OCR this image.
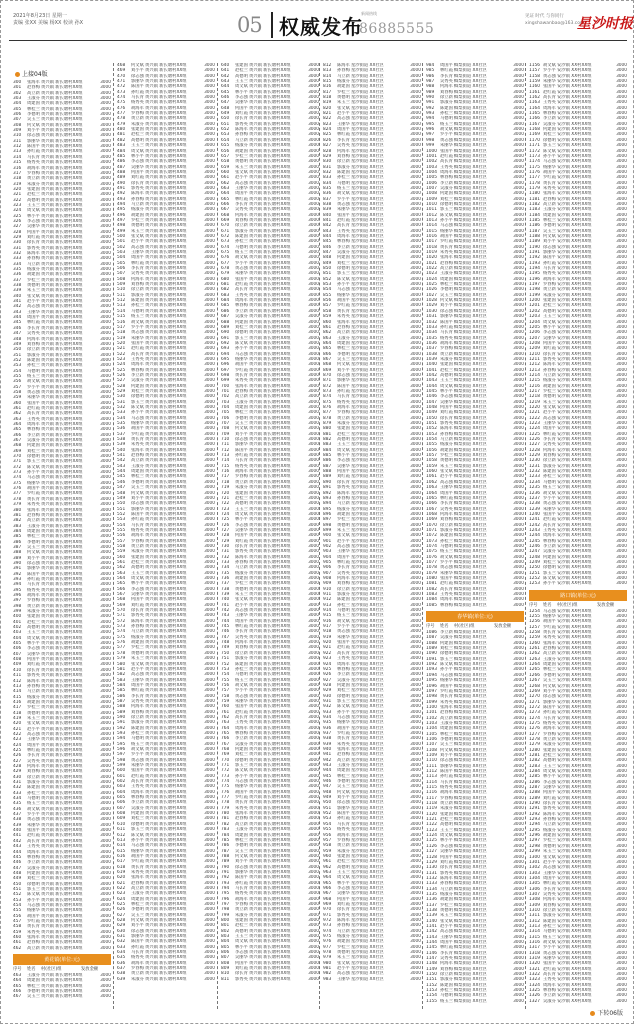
2021年8月23日 星期一
责编 张XX 美编 杨XX 校读 孙X	05 权威发布
新闻热线
86885555
见证 时代 与你同行
xingshawanbao@163.com
星沙时报
上接04版
300 张海军黄兴镇 新长塘村XX组	3000
301 赵春梅黄兴镇 新长塘村XX组	3000
302 高立新黄兴镇 新长塘村XX组	3000
303 王淑芬黄兴镇 新长塘村XX组	3000
304 周建国黄兴镇 新长塘村XX组	3000
305 林桂兰黄兴镇 新长塘村XX组	3000
306 李德明黄兴镇 新长塘村XX组	3000
307 吴玉兰黄兴镇 新长塘村XX组	3000
308 何文斌黄兴镇 新长塘村XX组	3000
309 刘小平黄兴镇 新长塘村XX组	3000
310 徐志强黄兴镇 新长塘村XX组	3000
311 郭丽华黄兴镇 新长塘村XX组	3000
312 陈国平黄兴镇 新长塘村XX组	3000
313 孙红霞黄兴镇 新长塘村XX组	3000
314 马长青黄兴镇 新长塘村XX组	3000
315 杨秀英黄兴镇 新长塘村XX组	3000
316 胡海军黄兴镇 新长塘村XX组	3000
317 罗春梅黄兴镇 新长塘村XX组	3000
318 黄立新黄兴镇 新长塘村XX组	3000
319 朱淑芬黄兴镇 新长塘村XX组	3000
320 张建国黄兴镇 新长塘村XX组	3000
321 赵桂兰黄兴镇 新长塘村XX组	3000
322 高德明黄兴镇 新长塘村XX组	3000
323 王玉兰黄兴镇 新长塘村XX组	3000
324 周文斌黄兴镇 新长塘村XX组	3000
325 林小平黄兴镇 新长塘村XX组	3000
326 李志强黄兴镇 新长塘村XX组	3000
327 吴丽华黄兴镇 新长塘村XX组	3000
328 何国平黄兴镇 新长塘村XX组	3000
329 刘红霞黄兴镇 新长塘村XX组	3000
330 徐长青黄兴镇 新长塘村XX组	3000
331 郭秀英黄兴镇 新长塘村XX组	3000
332 陈海军黄兴镇 新长塘村XX组	3000
333 孙春梅黄兴镇 新长塘村XX组	3000
334 马立新黄兴镇 新长塘村XX组	3000
335 杨淑芬黄兴镇 新长塘村XX组	3000
336 胡建国黄兴镇 新长塘村XX组	3000
337 罗桂兰黄兴镇 新长塘村XX组	3000
338 黄德明黄兴镇 新长塘村XX组	3000
339 朱玉兰黄兴镇 新长塘村XX组	3000
340 张文斌黄兴镇 新长塘村XX组	3000
341 赵小平黄兴镇 新长塘村XX组	3000
342 高志强黄兴镇 新长塘村XX组	3000
343 王丽华黄兴镇 新长塘村XX组	3000
344 周国平黄兴镇 新长塘村XX组	3000
345 林红霞黄兴镇 新长塘村XX组	3000
346 李长青黄兴镇 新长塘村XX组	3000
347 吴秀英黄兴镇 新长塘村XX组	3000
348 何海军黄兴镇 新长塘村XX组	3000
349 刘春梅黄兴镇 新长塘村XX组	3000
350 徐立新黄兴镇 新长塘村XX组	3000
351 郭淑芬黄兴镇 新长塘村XX组	3000
352 陈建国黄兴镇 新长塘村XX组	3000
353 孙桂兰黄兴镇 新长塘村XX组	3000
354 马德明黄兴镇 新长塘村XX组	3000
355 杨玉兰黄兴镇 新长塘村XX组	3000
356 胡文斌黄兴镇 新长塘村XX组	3000
357 罗小平黄兴镇 新长塘村XX组	3000
358 黄志强黄兴镇 新长塘村XX组	3000
359 朱丽华黄兴镇 新长塘村XX组	3000
360 张国平黄兴镇 新长塘村XX组	3000
361 赵红霞黄兴镇 新长塘村XX组	3000
362 高长青黄兴镇 新长塘村XX组	3000
363 王秀英黄兴镇 新长塘村XX组	3000
364 周海军黄兴镇 新长塘村XX组	3000
365 林春梅黄兴镇 新长塘村XX组	3000
366 李立新黄兴镇 新长塘村XX组	3000
367 吴淑芬黄兴镇 新长塘村XX组	3000
368 何建国黄兴镇 新长塘村XX组	3000
369 刘桂兰黄兴镇 新长塘村XX组	3000
370 徐德明黄兴镇 新长塘村XX组	3000
371 郭玉兰黄兴镇 新长塘村XX组	3000
372 陈文斌黄兴镇 新长塘村XX组	3000
373 孙小平黄兴镇 新长塘村XX组	3000
374 马志强黄兴镇 新长塘村XX组	3000
375 杨丽华黄兴镇 新长塘村XX组	3000
376 胡国平黄兴镇 新长塘村XX组	3000
377 罗红霞黄兴镇 新长塘村XX组	3000
378 黄长青黄兴镇 新长塘村XX组	3000
379 朱秀英黄兴镇 新长塘村XX组	3000
380 张海军黄兴镇 新长塘村XX组	3000
381 赵春梅黄兴镇 新长塘村XX组	3000
382 高立新黄兴镇 新长塘村XX组	3000
383 王淑芬黄兴镇 新长塘村XX组	3000
384 周建国黄兴镇 新长塘村XX组	3000
385 林桂兰黄兴镇 新长塘村XX组	3000
386 李德明黄兴镇 新长塘村XX组	3000
387 吴玉兰黄兴镇 新长塘村XX组	3000
388 何文斌黄兴镇 新长塘村XX组	3000
389 刘小平黄兴镇 新长塘村XX组	3000
390 徐志强黄兴镇 新长塘村XX组	3000
391 郭丽华黄兴镇 新长塘村XX组	3000
392 陈国平黄兴镇 新长塘村XX组	3000
393 孙红霞黄兴镇 新长塘村XX组	3000
394 马长青黄兴镇 新长塘村XX组	3000
395 杨秀英黄兴镇 新长塘村XX组	3000
396 胡海军黄兴镇 新长塘村XX组	3000
397 罗春梅黄兴镇 新长塘村XX组	3000
398 黄立新黄兴镇 新长塘村XX组	3000
399 朱淑芬黄兴镇 新长塘村XX组	3000
400 张建国黄兴镇 新长塘村XX组	3000
401 赵桂兰黄兴镇 新长塘村XX组	3000
402 高德明黄兴镇 新长塘村XX组	3000
403 王玉兰黄兴镇 新长塘村XX组	3000
404 周文斌黄兴镇 新长塘村XX组	3000
405 林小平黄兴镇 新长塘村XX组	3000
406 李志强黄兴镇 新长塘村XX组	3000
407 吴丽华黄兴镇 新长塘村XX组	3000
408 何国平黄兴镇 新长塘村XX组	3000
409 刘红霞黄兴镇 新长塘村XX组	3000
410 徐长青黄兴镇 新长塘村XX组	3000
411 郭秀英黄兴镇 新长塘村XX组	3000
412 陈海军黄兴镇 新长塘村XX组	3000
413 孙春梅黄兴镇 新长塘村XX组	3000
414 马立新黄兴镇 新长塘村XX组	3000
415 杨淑芬黄兴镇 新长塘村XX组	3000
416 胡建国黄兴镇 新长塘村XX组	3000
417 罗桂兰黄兴镇 新长塘村XX组	3000
418 黄德明黄兴镇 新长塘村XX组	3000
419 朱玉兰黄兴镇 新长塘村XX组	3000
420 张文斌黄兴镇 新长塘村XX组	3000
421 赵小平黄兴镇 新长塘村XX组	3000
422 高志强黄兴镇 新长塘村XX组	3000
423 王丽华黄兴镇 新长塘村XX组	3000
424 周国平黄兴镇 新长塘村XX组	3000
425 林红霞黄兴镇 新长塘村XX组	3000
426 李长青黄兴镇 新长塘村XX组	3000
427 吴秀英黄兴镇 新长塘村XX组	3000
428 何海军黄兴镇 新长塘村XX组	3000
429 刘春梅黄兴镇 新长塘村XX组	3000
430 徐立新黄兴镇 新长塘村XX组	3000
431 郭淑芬黄兴镇 新长塘村XX组	3000
432 陈建国黄兴镇 新长塘村XX组	3000
433 孙桂兰黄兴镇 新长塘村XX组	3000
434 马德明黄兴镇 新长塘村XX组	3000
435 杨玉兰黄兴镇 新长塘村XX组	3000
436 胡文斌黄兴镇 新长塘村XX组	3000
437 罗小平黄兴镇 新长塘村XX组	3000
438 黄志强黄兴镇 新长塘村XX组	3000
439 朱丽华黄兴镇 新长塘村XX组	3000
440 张国平黄兴镇 新长塘村XX组	3000
441 赵红霞黄兴镇 新长塘村XX组	3000
442 高长青黄兴镇 新长塘村XX组	3000
443 王秀英黄兴镇 新长塘村XX组	3000
444 周海军黄兴镇 新长塘村XX组	3000
445 林春梅黄兴镇 新长塘村XX组	3000
446 李立新黄兴镇 新长塘村XX组	3000
447 吴淑芬黄兴镇 新长塘村XX组	3000
448 何建国黄兴镇 新长塘村XX组	3000
449 刘桂兰黄兴镇 新长塘村XX组	3000
450 徐德明黄兴镇 新长塘村XX组	3000
451 郭玉兰黄兴镇 新长塘村XX组	3000
452 陈文斌黄兴镇 新长塘村XX组	3000
453 孙小平黄兴镇 新长塘村XX组	3000
454 马志强黄兴镇 新长塘村XX组	3000
455 杨丽华黄兴镇 新长塘村XX组	3000
456 胡国平黄兴镇 新长塘村XX组	3000
457 罗红霞黄兴镇 新长塘村XX组	3000
458 黄长青黄兴镇 新长塘村XX组	3000
459 朱秀英黄兴镇 新长塘村XX组	3000
460 张海军黄兴镇 新长塘村XX组	3000
461 赵春梅黄兴镇 新长塘村XX组	3000
462 高立新黄兴镇 新长塘村XX组	3000
黄花镇(单位:元)
序号 姓名 村(社区)组	发放金额
463 王淑芬黄兴镇 新长塘村XX组	3000
464 周建国黄兴镇 新长塘村XX组	3000
465 林桂兰黄兴镇 新长塘村XX组	3000
466 李德明黄兴镇 新长塘村XX组	3000
467 吴玉兰黄兴镇 新长塘村XX组	3000
468 何文斌黄兴镇 新长塘村XX组	3000
469 刘小平黄兴镇 新长塘村XX组	3000
470 徐志强黄兴镇 新长塘村XX组	3000
471 郭丽华黄兴镇 新长塘村XX组	3000
472 陈国平黄兴镇 新长塘村XX组	3000
473 孙红霞黄兴镇 新长塘村XX组	3000
474 马长青黄兴镇 新长塘村XX组	3000
475 杨秀英黄兴镇 新长塘村XX组	3000
476 胡海军黄兴镇 新长塘村XX组	3000
477 罗春梅黄兴镇 新长塘村XX组	3000
478 黄立新黄兴镇 新长塘村XX组	3000
479 朱淑芬黄兴镇 新长塘村XX组	3000
480 张建国黄兴镇 新长塘村XX组	3000
481 赵桂兰黄兴镇 新长塘村XX组	3000
482 高德明黄兴镇 新长塘村XX组	3000
483 王玉兰黄兴镇 新长塘村XX组	3000
484 周文斌黄兴镇 新长塘村XX组	3000
485 林小平黄兴镇 新长塘村XX组	3000
486 李志强黄兴镇 新长塘村XX组	3000
487 吴丽华黄兴镇 新长塘村XX组	3000
488 何国平黄兴镇 新长塘村XX组	3000
489 刘红霞黄兴镇 新长塘村XX组	3000
490 徐长青黄兴镇 新长塘村XX组	3000
491 郭秀英黄兴镇 新长塘村XX组	3000
492 陈海军黄兴镇 新长塘村XX组	3000
493 孙春梅黄兴镇 新长塘村XX组	3000
494 马立新黄兴镇 新长塘村XX组	3000
495 杨淑芬黄兴镇 新长塘村XX组	3000
496 胡建国黄兴镇 新长塘村XX组	3000
497 罗桂兰黄兴镇 新长塘村XX组	3000
498 黄德明黄兴镇 新长塘村XX组	3000
499 朱玉兰黄兴镇 新长塘村XX组	3000
500 张文斌黄兴镇 新长塘村XX组	3000
501 赵小平黄兴镇 新长塘村XX组	3000
502 高志强黄兴镇 新长塘村XX组	3000
503 王丽华黄兴镇 新长塘村XX组	3000
504 周国平黄兴镇 新长塘村XX组	3000
505 林红霞黄兴镇 新长塘村XX组	3000
506 李长青黄兴镇 新长塘村XX组	3000
507 吴秀英黄兴镇 新长塘村XX组	3000
508 何海军黄兴镇 新长塘村XX组	3000
509 刘春梅黄兴镇 新长塘村XX组	3000
510 徐立新黄兴镇 新长塘村XX组	3000
511 郭淑芬黄兴镇 新长塘村XX组	3000
512 陈建国黄兴镇 新长塘村XX组	3000
513 孙桂兰黄兴镇 新长塘村XX组	3000
514 马德明黄兴镇 新长塘村XX组	3000
515 杨玉兰黄兴镇 新长塘村XX组	3000
516 胡文斌黄兴镇 新长塘村XX组	3000
517 罗小平黄兴镇 新长塘村XX组	3000
518 黄志强黄兴镇 新长塘村XX组	3000
519 朱丽华黄兴镇 新长塘村XX组	3000
520 张国平黄兴镇 新长塘村XX组	3000
521 赵红霞黄兴镇 新长塘村XX组	3000
522 高长青黄兴镇 新长塘村XX组	3000
523 王秀英黄兴镇 新长塘村XX组	3000
524 周海军黄兴镇 新长塘村XX组	3000
525 林春梅黄兴镇 新长塘村XX组	3000
526 李立新黄兴镇 新长塘村XX组	3000
527 吴淑芬黄兴镇 新长塘村XX组	3000
528 何建国黄兴镇 新长塘村XX组	3000
529 刘桂兰黄兴镇 新长塘村XX组	3000
530 徐德明黄兴镇 新长塘村XX组	3000
531 郭玉兰黄兴镇 新长塘村XX组	3000
532 陈文斌黄兴镇 新长塘村XX组	3000
533 孙小平黄兴镇 新长塘村XX组	3000
534 马志强黄兴镇 新长塘村XX组	3000
535 杨丽华黄兴镇 新长塘村XX组	3000
536 胡国平黄兴镇 新长塘村XX组	3000
537 罗红霞黄兴镇 新长塘村XX组	3000
538 黄长青黄兴镇 新长塘村XX组	3000
539 朱秀英黄兴镇 新长塘村XX组	3000
540 张海军黄兴镇 新长塘村XX组	3000
541 赵春梅黄兴镇 新长塘村XX组	3000
542 高立新黄兴镇 新长塘村XX组	3000
543 王淑芬黄兴镇 新长塘村XX组	3000
544 周建国黄兴镇 新长塘村XX组	3000
545 林桂兰黄兴镇 新长塘村XX组	3000
546 李德明黄兴镇 新长塘村XX组	3000
547 吴玉兰黄兴镇 新长塘村XX组	3000
548 何文斌黄兴镇 新长塘村XX组	3000
549 刘小平黄兴镇 新长塘村XX组	3000
550 徐志强黄兴镇 新长塘村XX组	3000
551 郭丽华黄兴镇 新长塘村XX组	3000
552 陈国平黄兴镇 新长塘村XX组	3000
553 孙红霞黄兴镇 新长塘村XX组	3000
554 马长青黄兴镇 新长塘村XX组	3000
555 杨秀英黄兴镇 新长塘村XX组	3000
556 胡海军黄兴镇 新长塘村XX组	3000
557 罗春梅黄兴镇 新长塘村XX组	3000
558 黄立新黄兴镇 新长塘村XX组	3000
559 朱淑芬黄兴镇 新长塘村XX组	3000
560 张建国黄兴镇 新长塘村XX组	3000
561 赵桂兰黄兴镇 新长塘村XX组	3000
562 高德明黄兴镇 新长塘村XX组	3000
563 王玉兰黄兴镇 新长塘村XX组	3000
564 周文斌黄兴镇 新长塘村XX组	3000
565 林小平黄兴镇 新长塘村XX组	3000
566 李志强黄兴镇 新长塘村XX组	3000
567 吴丽华黄兴镇 新长塘村XX组	3000
568 何国平黄兴镇 新长塘村XX组	3000
569 刘红霞黄兴镇 新长塘村XX组	3000
570 徐长青黄兴镇 新长塘村XX组	3000
571 郭秀英黄兴镇 新长塘村XX组	3000
572 陈海军黄兴镇 新长塘村XX组	3000
573 孙春梅黄兴镇 新长塘村XX组	3000
574 马立新黄兴镇 新长塘村XX组	3000
575 杨淑芬黄兴镇 新长塘村XX组	3000
576 胡建国黄兴镇 新长塘村XX组	3000
577 罗桂兰黄兴镇 新长塘村XX组	3000
578 黄德明黄兴镇 新长塘村XX组	3000
579 朱玉兰黄兴镇 新长塘村XX组	3000
580 张文斌黄兴镇 新长塘村XX组	3000
581 赵小平黄兴镇 新长塘村XX组	3000
582 高志强黄兴镇 新长塘村XX组	3000
583 王丽华黄兴镇 新长塘村XX组	3000
584 周国平黄兴镇 新长塘村XX组	3000
585 林红霞黄兴镇 新长塘村XX组	3000
586 李长青黄兴镇 新长塘村XX组	3000
587 吴秀英黄兴镇 新长塘村XX组	3000
588 何海军黄兴镇 新长塘村XX组	3000
589 刘春梅黄兴镇 新长塘村XX组	3000
590 徐立新黄兴镇 新长塘村XX组	3000
591 郭淑芬黄兴镇 新长塘村XX组	3000
592 陈建国黄兴镇 新长塘村XX组	3000
593 孙桂兰黄兴镇 新长塘村XX组	3000
594 马德明黄兴镇 新长塘村XX组	3000
595 杨玉兰黄兴镇 新长塘村XX组	3000
596 胡文斌黄兴镇 新长塘村XX组	3000
597 罗小平黄兴镇 新长塘村XX组	3000
598 黄志强黄兴镇 新长塘村XX组	3000
599 朱丽华黄兴镇 新长塘村XX组	3000
600 张国平黄兴镇 新长塘村XX组	3000
601 赵红霞黄兴镇 新长塘村XX组	3000
602 高长青黄兴镇 新长塘村XX组	3000
603 王秀英黄兴镇 新长塘村XX组	3000
604 周海军黄兴镇 新长塘村XX组	3000
605 林春梅黄兴镇 新长塘村XX组	3000
606 李立新黄兴镇 新长塘村XX组	3000
607 吴淑芬黄兴镇 新长塘村XX组	3000
608 何建国黄兴镇 新长塘村XX组	3000
609 刘桂兰黄兴镇 新长塘村XX组	3000
610 徐德明黄兴镇 新长塘村XX组	3000
611 郭玉兰黄兴镇 新长塘村XX组	3000
612 陈文斌黄兴镇 新长塘村XX组	3000
613 孙小平黄兴镇 新长塘村XX组	3000
614 马志强黄兴镇 新长塘村XX组	3000
615 杨丽华黄兴镇 新长塘村XX组	3000
616 胡国平黄兴镇 新长塘村XX组	3000
617 罗红霞黄兴镇 新长塘村XX组	3000
618 黄长青黄兴镇 新长塘村XX组	3000
619 朱秀英黄兴镇 新长塘村XX组	3000
620 张海军黄兴镇 新长塘村XX组	3000
621 赵春梅黄兴镇 新长塘村XX组	3000
622 高立新黄兴镇 新长塘村XX组	3000
623 王淑芬黄兴镇 新长塘村XX组	3000
624 周建国黄兴镇 新长塘村XX组	3000
625 林桂兰黄兴镇 新长塘村XX组	3000
626 李德明黄兴镇 新长塘村XX组	3000
627 吴玉兰黄兴镇 新长塘村XX组	3000
628 何文斌黄兴镇 新长塘村XX组	3000
629 刘小平黄兴镇 新长塘村XX组	3000
630 徐志强黄兴镇 新长塘村XX组	3000
631 郭丽华黄兴镇 新长塘村XX组	3000
632 陈国平黄兴镇 新长塘村XX组	3000
633 孙红霞黄兴镇 新长塘村XX组	3000
634 马长青黄兴镇 新长塘村XX组	3000
635 杨秀英黄兴镇 新长塘村XX组	3000
636 胡海军黄兴镇 新长塘村XX组	3000
637 罗春梅黄兴镇 新长塘村XX组	3000
638 黄立新黄兴镇 新长塘村XX组	3000
639 朱淑芬黄兴镇 新长塘村XX组	3000
640 张建国黄兴镇 新长塘村XX组	3000
641 赵桂兰黄兴镇 新长塘村XX组	3000
642 高德明黄兴镇 新长塘村XX组	3000
643 王玉兰黄兴镇 新长塘村XX组	3000
644 周文斌黄兴镇 新长塘村XX组	3000
645 林小平黄兴镇 新长塘村XX组	3000
646 李志强黄兴镇 新长塘村XX组	3000
647 吴丽华黄兴镇 新长塘村XX组	3000
648 何国平黄兴镇 新长塘村XX组	3000
649 刘红霞黄兴镇 新长塘村XX组	3000
650 徐长青黄兴镇 新长塘村XX组	3000
651 郭秀英黄兴镇 新长塘村XX组	3000
652 陈海军黄兴镇 新长塘村XX组	3000
653 孙春梅黄兴镇 新长塘村XX组	3000
654 马立新黄兴镇 新长塘村XX组	3000
655 杨淑芬黄兴镇 新长塘村XX组	3000
656 胡建国黄兴镇 新长塘村XX组	3000
657 罗桂兰黄兴镇 新长塘村XX组	3000
658 黄德明黄兴镇 新长塘村XX组	3000
659 朱玉兰黄兴镇 新长塘村XX组	3000
660 张文斌黄兴镇 新长塘村XX组	3000
661 赵小平黄兴镇 新长塘村XX组	3000
662 高志强黄兴镇 新长塘村XX组	3000
663 王丽华黄兴镇 新长塘村XX组	3000
664 周国平黄兴镇 新长塘村XX组	3000
665 林红霞黄兴镇 新长塘村XX组	3000
666 李长青黄兴镇 新长塘村XX组	3000
667 吴秀英黄兴镇 新长塘村XX组	3000
668 何海军黄兴镇 新长塘村XX组	3000
669 刘春梅黄兴镇 新长塘村XX组	3000
670 徐立新黄兴镇 新长塘村XX组	3000
671 郭淑芬黄兴镇 新长塘村XX组	3000
672 陈建国黄兴镇 新长塘村XX组	3000
673 孙桂兰黄兴镇 新长塘村XX组	3000
674 马德明黄兴镇 新长塘村XX组	3000
675 杨玉兰黄兴镇 新长塘村XX组	3000
676 胡文斌黄兴镇 新长塘村XX组	3000
677 罗小平黄兴镇 新长塘村XX组	3000
678 黄志强黄兴镇 新长塘村XX组	3000
679 朱丽华黄兴镇 新长塘村XX组	3000
680 张国平黄兴镇 新长塘村XX组	3000
681 赵红霞黄兴镇 新长塘村XX组	3000
682 高长青黄兴镇 新长塘村XX组	3000
683 王秀英黄兴镇 新长塘村XX组	3000
684 周海军黄兴镇 新长塘村XX组	3000
685 林春梅黄兴镇 新长塘村XX组	3000
686 李立新黄兴镇 新长塘村XX组	3000
687 吴淑芬黄兴镇 新长塘村XX组	3000
688 何建国黄兴镇 新长塘村XX组	3000
689 刘桂兰黄兴镇 新长塘村XX组	3000
690 徐德明黄兴镇 新长塘村XX组	3000
691 郭玉兰黄兴镇 新长塘村XX组	3000
692 陈文斌黄兴镇 新长塘村XX组	3000
693 孙小平黄兴镇 新长塘村XX组	3000
694 马志强黄兴镇 新长塘村XX组	3000
695 杨丽华黄兴镇 新长塘村XX组	3000
696 胡国平黄兴镇 新长塘村XX组	3000
697 罗红霞黄兴镇 新长塘村XX组	3000
698 黄长青黄兴镇 新长塘村XX组	3000
699 朱秀英黄兴镇 新长塘村XX组	3000
700 张海军黄兴镇 新长塘村XX组	3000
701 赵春梅黄兴镇 新长塘村XX组	3000
702 高立新黄兴镇 新长塘村XX组	3000
703 王淑芬黄兴镇 新长塘村XX组	3000
704 周建国黄兴镇 新长塘村XX组	3000
705 林桂兰黄兴镇 新长塘村XX组	3000
706 李德明黄兴镇 新长塘村XX组	3000
707 吴玉兰黄兴镇 新长塘村XX组	3000
708 何文斌黄兴镇 新长塘村XX组	3000
709 刘小平黄兴镇 新长塘村XX组	3000
710 徐志强黄兴镇 新长塘村XX组	3000
711 郭丽华黄兴镇 新长塘村XX组	3000
712 陈国平黄兴镇 新长塘村XX组	3000
713 孙红霞黄兴镇 新长塘村XX组	3000
714 马长青黄兴镇 新长塘村XX组	3000
715 杨秀英黄兴镇 新长塘村XX组	3000
716 胡海军黄兴镇 新长塘村XX组	3000
717 罗春梅黄兴镇 新长塘村XX组	3000
718 黄立新黄兴镇 新长塘村XX组	3000
719 朱淑芬黄兴镇 新长塘村XX组	3000
720 张建国黄兴镇 新长塘村XX组	3000
721 赵桂兰黄兴镇 新长塘村XX组	3000
722 高德明黄兴镇 新长塘村XX组	3000
723 王玉兰黄兴镇 新长塘村XX组	3000
724 周文斌黄兴镇 新长塘村XX组	3000
725 林小平黄兴镇 新长塘村XX组	3000
726 李志强黄兴镇 新长塘村XX组	3000
727 吴丽华黄兴镇 新长塘村XX组	3000
728 何国平黄兴镇 新长塘村XX组	3000
729 刘红霞黄兴镇 新长塘村XX组	3000
730 徐长青黄兴镇 新长塘村XX组	3000
731 郭秀英黄兴镇 新长塘村XX组	3000
732 陈海军黄兴镇 新长塘村XX组	3000
733 孙春梅黄兴镇 新长塘村XX组	3000
734 马立新黄兴镇 新长塘村XX组	3000
735 杨淑芬黄兴镇 新长塘村XX组	3000
736 胡建国黄兴镇 新长塘村XX组	3000
737 罗桂兰黄兴镇 新长塘村XX组	3000
738 黄德明黄兴镇 新长塘村XX组	3000
739 朱玉兰黄兴镇 新长塘村XX组	3000
740 张文斌黄兴镇 新长塘村XX组	3000
741 赵小平黄兴镇 新长塘村XX组	3000
742 高志强黄兴镇 新长塘村XX组	3000
743 王丽华黄兴镇 新长塘村XX组	3000
744 周国平黄兴镇 新长塘村XX组	3000
745 林红霞黄兴镇 新长塘村XX组	3000
746 李长青黄兴镇 新长塘村XX组	3000
747 吴秀英黄兴镇 新长塘村XX组	3000
748 何海军黄兴镇 新长塘村XX组	3000
749 刘春梅黄兴镇 新长塘村XX组	3000
750 徐立新黄兴镇 新长塘村XX组	3000
751 郭淑芬黄兴镇 新长塘村XX组	3000
752 陈建国黄兴镇 新长塘村XX组	3000
753 孙桂兰黄兴镇 新长塘村XX组	3000
754 马德明黄兴镇 新长塘村XX组	3000
755 杨玉兰黄兴镇 新长塘村XX组	3000
756 胡文斌黄兴镇 新长塘村XX组	3000
757 罗小平黄兴镇 新长塘村XX组	3000
758 黄志强黄兴镇 新长塘村XX组	3000
759 朱丽华黄兴镇 新长塘村XX组	3000
760 张国平黄兴镇 新长塘村XX组	3000
761 赵红霞黄兴镇 新长塘村XX组	3000
762 高长青黄兴镇 新长塘村XX组	3000
763 王秀英黄兴镇 新长塘村XX组	3000
764 周海军黄兴镇 新长塘村XX组	3000
765 林春梅黄兴镇 新长塘村XX组	3000
766 李立新黄兴镇 新长塘村XX组	3000
767 吴淑芬黄兴镇 新长塘村XX组	3000
768 何建国黄兴镇 新长塘村XX组	3000
769 刘桂兰黄兴镇 新长塘村XX组	3000
770 徐德明黄兴镇 新长塘村XX组	3000
771 郭玉兰黄兴镇 新长塘村XX组	3000
772 陈文斌黄兴镇 新长塘村XX组	3000
773 孙小平黄兴镇 新长塘村XX组	3000
774 马志强黄兴镇 新长塘村XX组	3000
775 杨丽华黄兴镇 新长塘村XX组	3000
776 胡国平黄兴镇 新长塘村XX组	3000
777 罗红霞黄兴镇 新长塘村XX组	3000
778 黄长青黄兴镇 新长塘村XX组	3000
779 朱秀英黄兴镇 新长塘村XX组	3000
780 张海军黄兴镇 新长塘村XX组	3000
781 赵春梅黄兴镇 新长塘村XX组	3000
782 高立新黄兴镇 新长塘村XX组	3000
783 王淑芬黄兴镇 新长塘村XX组	3000
784 周建国黄兴镇 新长塘村XX组	3000
785 林桂兰黄兴镇 新长塘村XX组	3000
786 李德明黄兴镇 新长塘村XX组	3000
787 吴玉兰黄兴镇 新长塘村XX组	3000
788 何文斌黄兴镇 新长塘村XX组	3000
789 刘小平黄兴镇 新长塘村XX组	3000
790 徐志强黄兴镇 新长塘村XX组	3000
791 郭丽华黄兴镇 新长塘村XX组	3000
792 陈国平黄兴镇 新长塘村XX组	3000
793 孙红霞黄兴镇 新长塘村XX组	3000
794 马长青黄兴镇 新长塘村XX组	3000
795 杨秀英黄兴镇 新长塘村XX组	3000
796 胡海军黄兴镇 新长塘村XX组	3000
797 罗春梅黄兴镇 新长塘村XX组	3000
798 黄立新黄兴镇 新长塘村XX组	3000
799 朱淑芬黄兴镇 新长塘村XX组	3000
800 张建国黄兴镇 新长塘村XX组	3000
801 赵桂兰黄兴镇 新长塘村XX组	3000
802 高德明黄兴镇 新长塘村XX组	3000
803 王玉兰黄兴镇 新长塘村XX组	3000
804 周文斌黄兴镇 新长塘村XX组	3000
805 林小平黄兴镇 新长塘村XX组	3000
806 李志强黄兴镇 新长塘村XX组	3000
807 吴丽华黄兴镇 新长塘村XX组	3000
808 何国平黄兴镇 新长塘村XX组	3000
809 刘红霞黄兴镇 新长塘村XX组	3000
810 徐长青黄兴镇 新长塘村XX组	3000
811 郭秀英黄兴镇 新长塘村XX组	3000
812 陈海军星沙街道 XX社区	3000
813 孙春梅星沙街道 XX社区	3000
814 马立新星沙街道 XX社区	3000
815 杨淑芬星沙街道 XX社区	3000
816 胡建国星沙街道 XX社区	3000
817 罗桂兰星沙街道 XX社区	3000
818 黄德明星沙街道 XX社区	3000
819 朱玉兰星沙街道 XX社区	3000
820 张文斌星沙街道 XX社区	3000
821 赵小平星沙街道 XX社区	3000
822 高志强星沙街道 XX社区	3000
823 王丽华星沙街道 XX社区	3000
824 周国平星沙街道 XX社区	3000
825 林红霞星沙街道 XX社区	3000
826 李长青星沙街道 XX社区	3000
827 吴秀英星沙街道 XX社区	3000
828 何海军星沙街道 XX社区	3000
829 刘春梅星沙街道 XX社区	3000
830 徐立新星沙街道 XX社区	3000
831 郭淑芬星沙街道 XX社区	3000
832 陈建国星沙街道 XX社区	3000
833 孙桂兰星沙街道 XX社区	3000
834 马德明星沙街道 XX社区	3000
835 杨玉兰星沙街道 XX社区	3000
836 胡文斌星沙街道 XX社区	3000
837 罗小平星沙街道 XX社区	3000
838 黄志强星沙街道 XX社区	3000
839 朱丽华星沙街道 XX社区	3000
840 张国平星沙街道 XX社区	3000
841 赵红霞星沙街道 XX社区	3000
842 高长青星沙街道 XX社区	3000
843 王秀英星沙街道 XX社区	3000
844 周海军星沙街道 XX社区	3000
845 林春梅星沙街道 XX社区	3000
846 李立新星沙街道 XX社区	3000
847 吴淑芬星沙街道 XX社区	3000
848 何建国星沙街道 XX社区	3000
849 刘桂兰星沙街道 XX社区	3000
850 徐德明星沙街道 XX社区	3000
851 郭玉兰星沙街道 XX社区	3000
852 陈文斌星沙街道 XX社区	3000
853 孙小平星沙街道 XX社区	3000
854 马志强星沙街道 XX社区	3000
855 杨丽华星沙街道 XX社区	3000
856 胡国平星沙街道 XX社区	3000
857 罗红霞星沙街道 XX社区	3000
858 黄长青星沙街道 XX社区	3000
859 朱秀英星沙街道 XX社区	3000
860 张海军星沙街道 XX社区	3000
861 赵春梅星沙街道 XX社区	3000
862 高立新星沙街道 XX社区	3000
863 王淑芬星沙街道 XX社区	3000
864 周建国星沙街道 XX社区	3000
865 林桂兰星沙街道 XX社区	3000
866 李德明星沙街道 XX社区	3000
867 吴玉兰星沙街道 XX社区	3000
868 何文斌星沙街道 XX社区	3000
869 刘小平星沙街道 XX社区	3000
870 徐志强星沙街道 XX社区	3000
871 郭丽华星沙街道 XX社区	3000
872 陈国平星沙街道 XX社区	3000
873 孙红霞星沙街道 XX社区	3000
874 马长青星沙街道 XX社区	3000
875 杨秀英星沙街道 XX社区	3000
876 胡海军星沙街道 XX社区	3000
877 罗春梅星沙街道 XX社区	3000
878 黄立新星沙街道 XX社区	3000
879 朱淑芬星沙街道 XX社区	3000
880 张建国星沙街道 XX社区	3000
881 赵桂兰星沙街道 XX社区	3000
882 高德明星沙街道 XX社区	3000
883 王玉兰星沙街道 XX社区	3000
884 周文斌星沙街道 XX社区	3000
885 林小平星沙街道 XX社区	3000
886 李志强星沙街道 XX社区	3000
887 吴丽华星沙街道 XX社区	3000
888 何国平星沙街道 XX社区	3000
889 刘红霞星沙街道 XX社区	3000
890 徐长青星沙街道 XX社区	3000
891 郭秀英星沙街道 XX社区	3000
892 陈海军星沙街道 XX社区	3000
893 孙春梅星沙街道 XX社区	3000
894 马立新星沙街道 XX社区	3000
895 杨淑芬星沙街道 XX社区	3000
896 胡建国星沙街道 XX社区	3000
897 罗桂兰星沙街道 XX社区	3000
898 黄德明星沙街道 XX社区	3000
899 朱玉兰星沙街道 XX社区	3000
900 张文斌星沙街道 XX社区	3000
901 赵小平星沙街道 XX社区	3000
902 高志强星沙街道 XX社区	3000
903 王丽华星沙街道 XX社区	3000
904 周国平星沙街道 XX社区	3000
905 林红霞星沙街道 XX社区	3000
906 李长青星沙街道 XX社区	3000
907 吴秀英星沙街道 XX社区	3000
908 何海军星沙街道 XX社区	3000
909 刘春梅星沙街道 XX社区	3000
910 徐立新星沙街道 XX社区	3000
911 郭淑芬星沙街道 XX社区	3000
912 陈建国星沙街道 XX社区	3000
913 孙桂兰星沙街道 XX社区	3000
914 马德明星沙街道 XX社区	3000
915 杨玉兰星沙街道 XX社区	3000
916 胡文斌星沙街道 XX社区	3000
917 罗小平星沙街道 XX社区	3000
918 黄志强星沙街道 XX社区	3000
919 朱丽华星沙街道 XX社区	3000
920 张国平星沙街道 XX社区	3000
921 赵红霞星沙街道 XX社区	3000
922 高长青星沙街道 XX社区	3000
923 王秀英星沙街道 XX社区	3000
924 周海军星沙街道 XX社区	3000
925 林春梅星沙街道 XX社区	3000
926 李立新星沙街道 XX社区	3000
927 吴淑芬星沙街道 XX社区	3000
928 何建国星沙街道 XX社区	3000
929 刘桂兰星沙街道 XX社区	3000
930 徐德明星沙街道 XX社区	3000
931 郭玉兰星沙街道 XX社区	3000
932 陈文斌星沙街道 XX社区	3000
933 孙小平星沙街道 XX社区	3000
934 马志强星沙街道 XX社区	3000
935 杨丽华星沙街道 XX社区	3000
936 胡国平星沙街道 XX社区	3000
937 罗红霞星沙街道 XX社区	3000
938 黄长青星沙街道 XX社区	3000
939 朱秀英星沙街道 XX社区	3000
940 张海军星沙街道 XX社区	3000
941 赵春梅星沙街道 XX社区	3000
942 高立新星沙街道 XX社区	3000
943 王淑芬星沙街道 XX社区	3000
944 周建国星沙街道 XX社区	3000
945 林桂兰星沙街道 XX社区	3000
946 李德明星沙街道 XX社区	3000
947 吴玉兰星沙街道 XX社区	3000
948 何文斌星沙街道 XX社区	3000
949 刘小平星沙街道 XX社区	3000
950 徐志强星沙街道 XX社区	3000
951 郭丽华星沙街道 XX社区	3000
952 陈国平星沙街道 XX社区	3000
953 孙红霞星沙街道 XX社区	3000
954 马长青星沙街道 XX社区	3000
955 杨秀英星沙街道 XX社区	3000
956 胡海军星沙街道 XX社区	3000
957 罗春梅星沙街道 XX社区	3000
958 黄立新星沙街道 XX社区	3000
959 朱淑芬星沙街道 XX社区	3000
960 张建国星沙街道 XX社区	3000
961 赵桂兰星沙街道 XX社区	3000
962 高德明星沙街道 XX社区	3000
963 王玉兰星沙街道 XX社区	3000
964 周文斌星沙街道 XX社区	3000
965 林小平星沙街道 XX社区	3000
966 李志强星沙街道 XX社区	3000
967 吴丽华星沙街道 XX社区	3000
968 何国平星沙街道 XX社区	3000
969 刘红霞星沙街道 XX社区	3000
970 徐长青星沙街道 XX社区	3000
971 郭秀英星沙街道 XX社区	3000
972 陈海军星沙街道 XX社区	3000
973 孙春梅星沙街道 XX社区	3000
974 马立新星沙街道 XX社区	3000
975 杨淑芬星沙街道 XX社区	3000
976 胡建国星沙街道 XX社区	3000
977 罗桂兰星沙街道 XX社区	3000
978 黄德明星沙街道 XX社区	3000
979 朱玉兰星沙街道 XX社区	3000
980 张文斌星沙街道 XX社区	3000
981 赵小平星沙街道 XX社区	3000
982 高志强星沙街道 XX社区	3000
983 王丽华星沙街道 XX社区	3000
984 周国平榔梨街道 XX社区	3000
985 林红霞榔梨街道 XX社区	3000
986 李长青榔梨街道 XX社区	3000
987 吴秀英榔梨街道 XX社区	3000
988 何海军榔梨街道 XX社区	3000
989 刘春梅榔梨街道 XX社区	3000
990 徐立新榔梨街道 XX社区	3000
991 郭淑芬榔梨街道 XX社区	3000
992 陈建国榔梨街道 XX社区	3000
993 孙桂兰榔梨街道 XX社区	3000
994 马德明榔梨街道 XX社区	3000
995 杨玉兰榔梨街道 XX社区	3000
996 胡文斌榔梨街道 XX社区	3000
997 罗小平榔梨街道 XX社区	3000
998 黄志强榔梨街道 XX社区	3000
999 朱丽华榔梨街道 XX社区	3000
1000 张国平榔梨街道 XX社区	3000
1001 赵红霞榔梨街道 XX社区	3000
1002 高长青榔梨街道 XX社区	3000
1003 王秀英榔梨街道 XX社区	3000
1004 周海军榔梨街道 XX社区	3000
1005 林春梅榔梨街道 XX社区	3000
1006 李立新榔梨街道 XX社区	3000
1007 吴淑芬榔梨街道 XX社区	3000
1008 何建国榔梨街道 XX社区	3000
1009 刘桂兰榔梨街道 XX社区	3000
1010 徐德明榔梨街道 XX社区	3000
1011 郭玉兰榔梨街道 XX社区	3000
1012 陈文斌榔梨街道 XX社区	3000
1013 孙小平榔梨街道 XX社区	3000
1014 马志强榔梨街道 XX社区	3000
1015 杨丽华榔梨街道 XX社区	3000
1016 胡国平榔梨街道 XX社区	3000
1017 罗红霞榔梨街道 XX社区	3000
1018 黄长青榔梨街道 XX社区	3000
1019 朱秀英榔梨街道 XX社区	3000
1020 张海军榔梨街道 XX社区	3000
1021 赵春梅榔梨街道 XX社区	3000
1022 高立新榔梨街道 XX社区	3000
1023 王淑芬榔梨街道 XX社区	3000
1024 周建国榔梨街道 XX社区	3000
1025 林桂兰榔梨街道 XX社区	3000
1026 李德明榔梨街道 XX社区	3000
1027 吴玉兰榔梨街道 XX社区	3000
1028 何文斌榔梨街道 XX社区	3000
1029 刘小平榔梨街道 XX社区	3000
1030 徐志强榔梨街道 XX社区	3000
1031 郭丽华榔梨街道 XX社区	3000
1032 陈国平榔梨街道 XX社区	3000
1033 孙红霞榔梨街道 XX社区	3000
1034 马长青榔梨街道 XX社区	3000
1035 杨秀英榔梨街道 XX社区	3000
1036 胡海军榔梨街道 XX社区	3000
1037 罗春梅榔梨街道 XX社区	3000
1038 黄立新榔梨街道 XX社区	3000
1039 朱淑芬榔梨街道 XX社区	3000
1040 张建国榔梨街道 XX社区	3000
1041 赵桂兰榔梨街道 XX社区	3000
1042 高德明榔梨街道 XX社区	3000
1043 王玉兰榔梨街道 XX社区	3000
1044 周文斌榔梨街道 XX社区	3000
1045 林小平榔梨街道 XX社区	3000
1046 李志强榔梨街道 XX社区	3000
1047 吴丽华榔梨街道 XX社区	3000
1048 何国平榔梨街道 XX社区	3000
1049 刘红霞榔梨街道 XX社区	3000
1050 徐长青榔梨街道 XX社区	3000
1051 郭秀英榔梨街道 XX社区	3000
1052 陈海军榔梨街道 XX社区	3000
1053 孙春梅榔梨街道 XX社区	3000
1054 马立新榔梨街道 XX社区	3000
1055 杨淑芬榔梨街道 XX社区	3000
1056 胡建国榔梨街道 XX社区	3000
1057 罗桂兰榔梨街道 XX社区	3000
1058 黄德明榔梨街道 XX社区	3000
1059 朱玉兰榔梨街道 XX社区	3000
1060 张文斌榔梨街道 XX社区	3000
1061 赵小平榔梨街道 XX社区	3000
1062 高志强榔梨街道 XX社区	3000
1063 王丽华榔梨街道 XX社区	3000
1064 周国平榔梨街道 XX社区	3000
1065 林红霞榔梨街道 XX社区	3000
1066 李长青榔梨街道 XX社区	3000
1067 吴秀英榔梨街道 XX社区	3000
1068 何海军榔梨街道 XX社区	3000
1069 刘春梅榔梨街道 XX社区	3000
1070 徐立新榔梨街道 XX社区	3000
1071 郭淑芬榔梨街道 XX社区	3000
1072 陈建国榔梨街道 XX社区	3000
1073 孙桂兰榔梨街道 XX社区	3000
1074 马德明榔梨街道 XX社区	3000
1075 杨玉兰榔梨街道 XX社区	3000
1076 胡文斌榔梨街道 XX社区	3000
1077 罗小平榔梨街道 XX社区	3000
1078 黄志强榔梨街道 XX社区	3000
1079 朱丽华榔梨街道 XX社区	3000
1080 张国平榔梨街道 XX社区	3000
1081 赵红霞榔梨街道 XX社区	3000
1082 高长青榔梨街道 XX社区	3000
1083 王秀英榔梨街道 XX社区	3000
1084 周海军榔梨街道 XX社区	3000
1085 林春梅榔梨街道 XX社区	3000
春华镇(单位:元)
序号 姓名 村(社区)组	发放金额
1086 李立新榔梨街道 XX社区	3000
1087 吴淑芬榔梨街道 XX社区	3000
1088 何建国榔梨街道 XX社区	3000
1089 刘桂兰榔梨街道 XX社区	3000
1090 徐德明榔梨街道 XX社区	3000
1091 郭玉兰榔梨街道 XX社区	3000
1092 陈文斌榔梨街道 XX社区	3000
1093 孙小平榔梨街道 XX社区	3000
1094 马志强榔梨街道 XX社区	3000
1095 杨丽华榔梨街道 XX社区	3000
1096 胡国平榔梨街道 XX社区	3000
1097 罗红霞榔梨街道 XX社区	3000
1098 黄长青榔梨街道 XX社区	3000
1099 朱秀英榔梨街道 XX社区	3000
1100 张海军榔梨街道 XX社区	3000
1101 赵春梅榔梨街道 XX社区	3000
1102 高立新榔梨街道 XX社区	3000
1103 王淑芬榔梨街道 XX社区	3000
1104 周建国榔梨街道 XX社区	3000
1105 林桂兰榔梨街道 XX社区	3000
1106 李德明榔梨街道 XX社区	3000
1107 吴玉兰榔梨街道 XX社区	3000
1108 何文斌榔梨街道 XX社区	3000
1109 刘小平榔梨街道 XX社区	3000
1110 徐志强榔梨街道 XX社区	3000
1111 郭丽华榔梨街道 XX社区	3000
1112 陈国平榔梨街道 XX社区	3000
1113 孙红霞榔梨街道 XX社区	3000
1114 马长青榔梨街道 XX社区	3000
1115 杨秀英榔梨街道 XX社区	3000
1116 胡海军榔梨街道 XX社区	3000
1117 罗春梅榔梨街道 XX社区	3000
1118 黄立新榔梨街道 XX社区	3000
1119 朱淑芬榔梨街道 XX社区	3000
1120 张建国榔梨街道 XX社区	3000
1121 赵桂兰榔梨街道 XX社区	3000
1122 高德明榔梨街道 XX社区	3000
1123 王玉兰榔梨街道 XX社区	3000
1124 周文斌榔梨街道 XX社区	3000
1125 林小平榔梨街道 XX社区	3000
1126 李志强榔梨街道 XX社区	3000
1127 吴丽华榔梨街道 XX社区	3000
1128 何国平榔梨街道 XX社区	3000
1129 刘红霞榔梨街道 XX社区	3000
1130 徐长青榔梨街道 XX社区	3000
1131 郭秀英榔梨街道 XX社区	3000
1132 陈海军榔梨街道 XX社区	3000
1133 孙春梅榔梨街道 XX社区	3000
1134 马立新榔梨街道 XX社区	3000
1135 杨淑芬榔梨街道 XX社区	3000
1136 胡建国榔梨街道 XX社区	3000
1137 罗桂兰榔梨街道 XX社区	3000
1138 黄德明榔梨街道 XX社区	3000
1139 朱玉兰榔梨街道 XX社区	3000
1140 张文斌榔梨街道 XX社区	3000
1141 赵小平榔梨街道 XX社区	3000
1142 高志强榔梨街道 XX社区	3000
1143 王丽华榔梨街道 XX社区	3000
1144 周国平榔梨街道 XX社区	3000
1145 林红霞榔梨街道 XX社区	3000
1146 李长青榔梨街道 XX社区	3000
1147 吴秀英榔梨街道 XX社区	3000
1148 何海军榔梨街道 XX社区	3000
1149 刘春梅榔梨街道 XX社区	3000
1150 徐立新榔梨街道 XX社区	3000
1151 郭淑芬榔梨街道 XX社区	3000
1152 陈建国榔梨街道 XX社区	3000
1153 孙桂兰榔梨街道 XX社区	3000
1154 马德明榔梨街道 XX社区	3000
1155 杨玉兰榔梨街道 XX社区	3000
1156 胡文斌安沙镇 XX村XX组	3000
1157 罗小平安沙镇 XX村XX组	3000
1158 黄志强安沙镇 XX村XX组	3000
1159 朱丽华安沙镇 XX村XX组	3000
1160 张国平安沙镇 XX村XX组	3000
1161 赵红霞安沙镇 XX村XX组	3000
1162 高长青安沙镇 XX村XX组	3000
1163 王秀英安沙镇 XX村XX组	3000
1164 周海军安沙镇 XX村XX组	3000
1165 林春梅安沙镇 XX村XX组	3000
1166 李立新安沙镇 XX村XX组	3000
1167 吴淑芬安沙镇 XX村XX组	3000
1168 何建国安沙镇 XX村XX组	3000
1169 刘桂兰安沙镇 XX村XX组	3000
1170 徐德明安沙镇 XX村XX组	3000
1171 郭玉兰安沙镇 XX村XX组	3000
1172 陈文斌安沙镇 XX村XX组	3000
1173 孙小平安沙镇 XX村XX组	3000
1174 马志强安沙镇 XX村XX组	3000
1175 杨丽华安沙镇 XX村XX组	3000
1176 胡国平安沙镇 XX村XX组	3000
1177 罗红霞安沙镇 XX村XX组	3000
1178 黄长青安沙镇 XX村XX组	3000
1179 朱秀英安沙镇 XX村XX组	3000
1180 张海军安沙镇 XX村XX组	3000
1181 赵春梅安沙镇 XX村XX组	3000
1182 高立新安沙镇 XX村XX组	3000
1183 王淑芬安沙镇 XX村XX组	3000
1184 周建国安沙镇 XX村XX组	3000
1185 林桂兰安沙镇 XX村XX组	3000
1186 李德明安沙镇 XX村XX组	3000
1187 吴玉兰安沙镇 XX村XX组	3000
1188 何文斌安沙镇 XX村XX组	3000
1189 刘小平安沙镇 XX村XX组	3000
1190 徐志强安沙镇 XX村XX组	3000
1191 郭丽华安沙镇 XX村XX组	3000
1192 陈国平安沙镇 XX村XX组	3000
1193 孙红霞安沙镇 XX村XX组	3000
1194 马长青安沙镇 XX村XX组	3000
1195 杨秀英安沙镇 XX村XX组	3000
1196 胡海军安沙镇 XX村XX组	3000
1197 罗春梅安沙镇 XX村XX组	3000
1198 黄立新安沙镇 XX村XX组	3000
1199 朱淑芬安沙镇 XX村XX组	3000
1200 张建国安沙镇 XX村XX组	3000
1201 赵桂兰安沙镇 XX村XX组	3000
1202 高德明安沙镇 XX村XX组	3000
1203 王玉兰安沙镇 XX村XX组	3000
1204 周文斌安沙镇 XX村XX组	3000
1205 林小平安沙镇 XX村XX组	3000
1206 李志强安沙镇 XX村XX组	3000
1207 吴丽华安沙镇 XX村XX组	3000
1208 何国平安沙镇 XX村XX组	3000
1209 刘红霞安沙镇 XX村XX组	3000
1210 徐长青安沙镇 XX村XX组	3000
1211 郭秀英安沙镇 XX村XX组	3000
1212 陈海军安沙镇 XX村XX组	3000
1213 孙春梅安沙镇 XX村XX组	3000
1214 马立新安沙镇 XX村XX组	3000
1215 杨淑芬安沙镇 XX村XX组	3000
1216 胡建国安沙镇 XX村XX组	3000
1217 罗桂兰安沙镇 XX村XX组	3000
1218 黄德明安沙镇 XX村XX组	3000
1219 朱玉兰安沙镇 XX村XX组	3000
1220 张文斌安沙镇 XX村XX组	3000
1221 赵小平安沙镇 XX村XX组	3000
1222 高志强安沙镇 XX村XX组	3000
1223 王丽华安沙镇 XX村XX组	3000
1224 周国平安沙镇 XX村XX组	3000
1225 林红霞安沙镇 XX村XX组	3000
1226 李长青安沙镇 XX村XX组	3000
1227 吴秀英安沙镇 XX村XX组	3000
1228 何海军安沙镇 XX村XX组	3000
1229 刘春梅安沙镇 XX村XX组	3000
1230 徐立新安沙镇 XX村XX组	3000
1231 郭淑芬安沙镇 XX村XX组	3000
1232 陈建国安沙镇 XX村XX组	3000
1233 孙桂兰安沙镇 XX村XX组	3000
1234 马德明安沙镇 XX村XX组	3000
1235 杨玉兰安沙镇 XX村XX组	3000
1236 胡文斌安沙镇 XX村XX组	3000
1237 罗小平安沙镇 XX村XX组	3000
1238 黄志强安沙镇 XX村XX组	3000
1239 朱丽华安沙镇 XX村XX组	3000
1240 张国平安沙镇 XX村XX组	3000
1241 赵红霞安沙镇 XX村XX组	3000
1242 高长青安沙镇 XX村XX组	3000
1243 王秀英安沙镇 XX村XX组	3000
1244 周海军安沙镇 XX村XX组	3000
1245 林春梅安沙镇 XX村XX组	3000
1246 李立新安沙镇 XX村XX组	3000
1247 吴淑芬安沙镇 XX村XX组	3000
1248 何建国安沙镇 XX村XX组	3000
1249 刘桂兰安沙镇 XX村XX组	3000
1250 徐德明安沙镇 XX村XX组	3000
1251 郭玉兰安沙镇 XX村XX组	3000
1252 陈文斌安沙镇 XX村XX组	3000
1253 孙小平安沙镇 XX村XX组	3000
路口镇(单位:元)
序号 姓名 村(社区)组	发放金额
1254 马志强安沙镇 XX村XX组	3000
1255 杨丽华安沙镇 XX村XX组	3000
1256 胡国平安沙镇 XX村XX组	3000
1257 罗红霞安沙镇 XX村XX组	3000
1258 黄长青安沙镇 XX村XX组	3000
1259 朱秀英安沙镇 XX村XX组	3000
1260 张海军安沙镇 XX村XX组	3000
1261 赵春梅安沙镇 XX村XX组	3000
1262 高立新安沙镇 XX村XX组	3000
1263 王淑芬安沙镇 XX村XX组	3000
1264 周建国安沙镇 XX村XX组	3000
1265 林桂兰安沙镇 XX村XX组	3000
1266 李德明安沙镇 XX村XX组	3000
1267 吴玉兰安沙镇 XX村XX组	3000
1268 何文斌安沙镇 XX村XX组	3000
1269 刘小平安沙镇 XX村XX组	3000
1270 徐志强安沙镇 XX村XX组	3000
1271 郭丽华安沙镇 XX村XX组	3000
1272 陈国平安沙镇 XX村XX组	3000
1273 孙红霞安沙镇 XX村XX组	3000
1274 马长青安沙镇 XX村XX组	3000
1275 杨秀英安沙镇 XX村XX组	3000
1276 胡海军安沙镇 XX村XX组	3000
1277 罗春梅安沙镇 XX村XX组	3000
1278 黄立新安沙镇 XX村XX组	3000
1279 朱淑芬安沙镇 XX村XX组	3000
1280 张建国安沙镇 XX村XX组	3000
1281 赵桂兰安沙镇 XX村XX组	3000
1282 高德明安沙镇 XX村XX组	3000
1283 王玉兰安沙镇 XX村XX组	3000
1284 周文斌安沙镇 XX村XX组	3000
1285 林小平安沙镇 XX村XX组	3000
1286 李志强安沙镇 XX村XX组	3000
1287 吴丽华安沙镇 XX村XX组	3000
1288 何国平安沙镇 XX村XX组	3000
1289 刘红霞安沙镇 XX村XX组	3000
1290 徐长青安沙镇 XX村XX组	3000
1291 郭秀英安沙镇 XX村XX组	3000
1292 陈海军安沙镇 XX村XX组	3000
1293 孙春梅安沙镇 XX村XX组	3000
1294 马立新安沙镇 XX村XX组	3000
1295 杨淑芬安沙镇 XX村XX组	3000
1296 胡建国安沙镇 XX村XX组	3000
1297 罗桂兰安沙镇 XX村XX组	3000
1298 黄德明安沙镇 XX村XX组	3000
1299 朱玉兰安沙镇 XX村XX组	3000
1300 张文斌安沙镇 XX村XX组	3000
1301 赵小平安沙镇 XX村XX组	3000
1302 高志强安沙镇 XX村XX组	3000
1303 王丽华安沙镇 XX村XX组	3000
1304 周国平安沙镇 XX村XX组	3000
1305 林红霞安沙镇 XX村XX组	3000
1306 李长青安沙镇 XX村XX组	3000
1307 吴秀英安沙镇 XX村XX组	3000
1308 何海军安沙镇 XX村XX组	3000
1309 刘春梅安沙镇 XX村XX组	3000
1310 徐立新安沙镇 XX村XX组	3000
1311 郭淑芬安沙镇 XX村XX组	3000
1312 陈建国安沙镇 XX村XX组	3000
1313 孙桂兰安沙镇 XX村XX组	3000
1314 马德明安沙镇 XX村XX组	3000
1315 杨玉兰安沙镇 XX村XX组	3000
1316 胡文斌安沙镇 XX村XX组	3000
1317 罗小平安沙镇 XX村XX组	3000
1318 黄志强安沙镇 XX村XX组	3000
1319 朱丽华安沙镇 XX村XX组	3000
1320 张国平安沙镇 XX村XX组	3000
1321 赵红霞安沙镇 XX村XX组	3000
1322 高长青安沙镇 XX村XX组	3000
1323 王秀英安沙镇 XX村XX组	3000
1324 周海军安沙镇 XX村XX组	3000
1325 林春梅安沙镇 XX村XX组	3000
1326 李立新安沙镇 XX村XX组	3000
1327 吴淑芬安沙镇 XX村XX组	3000
下转06版
